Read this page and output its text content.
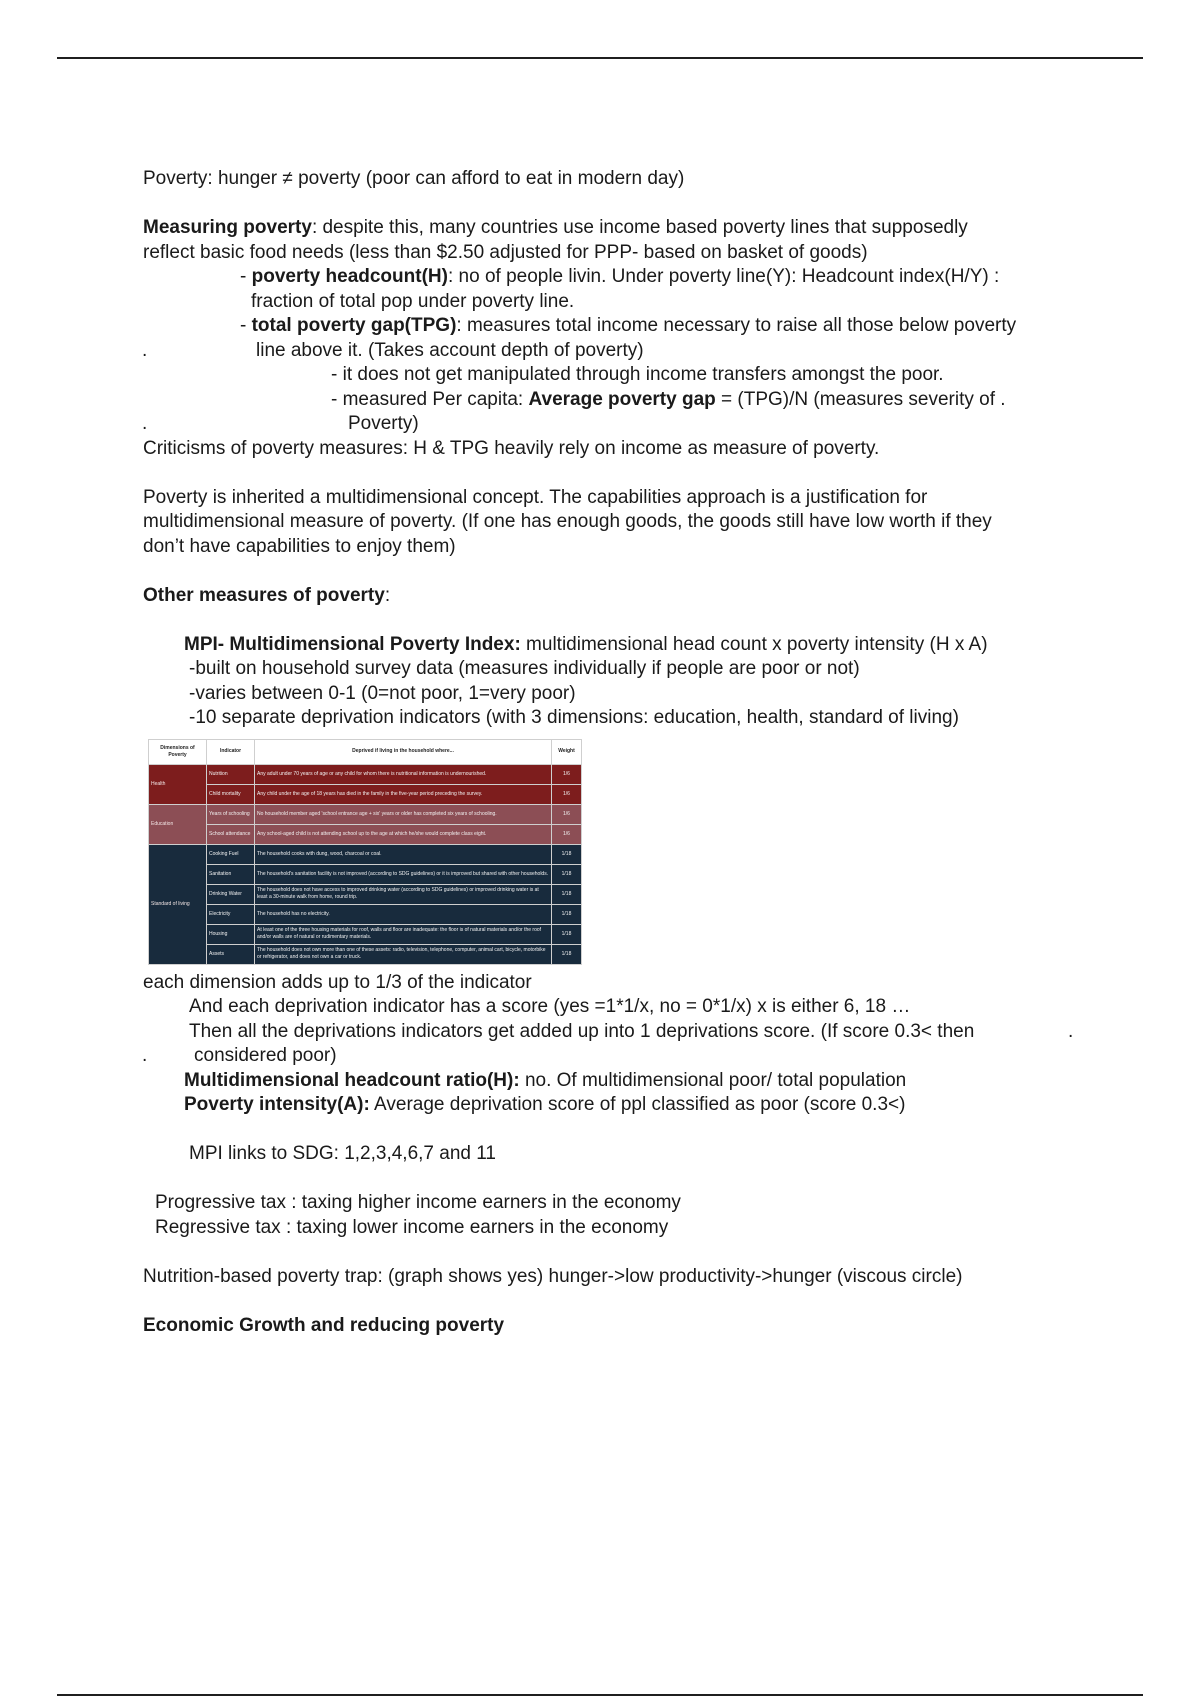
Poverty: hunger ≠ poverty (poor can afford to eat in modern day)

Measuring poverty: despite this, many countries use income based poverty lines that supposedly

reflect basic food needs (less than $2.50 adjusted for PPP- based on basket of goods)

- poverty headcount(H): no of people livin. Under poverty line(Y): Headcount index(H/Y) :

fraction of total pop under poverty line.

- total poverty gap(TPG): measures total income necessary to raise all those below poverty

.	line above it. (Takes account depth of poverty)

- it does not get manipulated through income transfers amongst the poor.

- measured Per capita: Average poverty gap = (TPG)/N (measures severity of .

.	Poverty)

Criticisms of poverty measures: H & TPG heavily rely on income as measure of poverty.

Poverty is inherited a multidimensional concept. The capabilities approach is a justification for

multidimensional measure of poverty. (If one has enough goods, the goods still have low worth if they

don’t have capabilities to enjoy them)

Other measures of poverty:

MPI- Multidimensional Poverty Index: multidimensional head count x poverty intensity (H x A)

-built on household survey data (measures individually if people are poor or not)

-varies between 0-1 (0=not poor, 1=very poor)

-10 separate deprivation indicators (with 3 dimensions: education, health, standard of living)

Dimensions of Poverty	Indicator	Deprived if living in the household where...	Weight
Health	Nutrition	Any adult under 70 years of age or any child for whom there is nutritional information is undernourished.	1/6
	Child mortality	Any child under the age of 18 years has died in the family in the five-year period preceding the survey.	1/6
Education	Years of schooling	No household member aged 'school entrance age + six' years or older has completed six years of schooling.	1/6
	School attendance	Any school-aged child is not attending school up to the age at which he/she would complete class eight.	1/6
Standard of living	Cooking Fuel	The household cooks with dung, wood, charcoal or coal.	1/18
	Sanitation	The household's sanitation facility is not improved (according to SDG guidelines) or it is improved but shared with other households.	1/18
	Drinking Water	The household does not have access to improved drinking water (according to SDG guidelines) or improved drinking water is at least a 30-minute walk from home, round trip.	1/18
	Electricity	The household has no electricity.	1/18
	Housing	At least one of the three housing materials for roof, walls and floor are inadequate: the floor is of natural materials and/or the roof and/or walls are of natural or rudimentary materials.	1/18
	Assets	The household does not own more than one of these assets: radio, television, telephone, computer, animal cart, bicycle, motorbike or refrigerator, and does not own a car or truck.	1/18

each dimension adds up to 1/3 of the indicator

And each deprivation indicator has a score (yes =1*1/x, no = 0*1/x) x is either 6, 18 …

Then all the deprivations indicators get added up into 1 deprivations score. (If score 0.3< then	.

. considered poor)

Multidimensional headcount ratio(H): no. Of multidimensional poor/ total population

Poverty intensity(A): Average deprivation score of ppl classified as poor (score 0.3<)

MPI links to SDG: 1,2,3,4,6,7 and 11

Progressive tax : taxing higher income earners in the economy

Regressive tax : taxing lower income earners in the economy

Nutrition-based poverty trap: (graph shows yes) hunger->low productivity->hunger (viscous circle)

Economic Growth and reducing poverty
